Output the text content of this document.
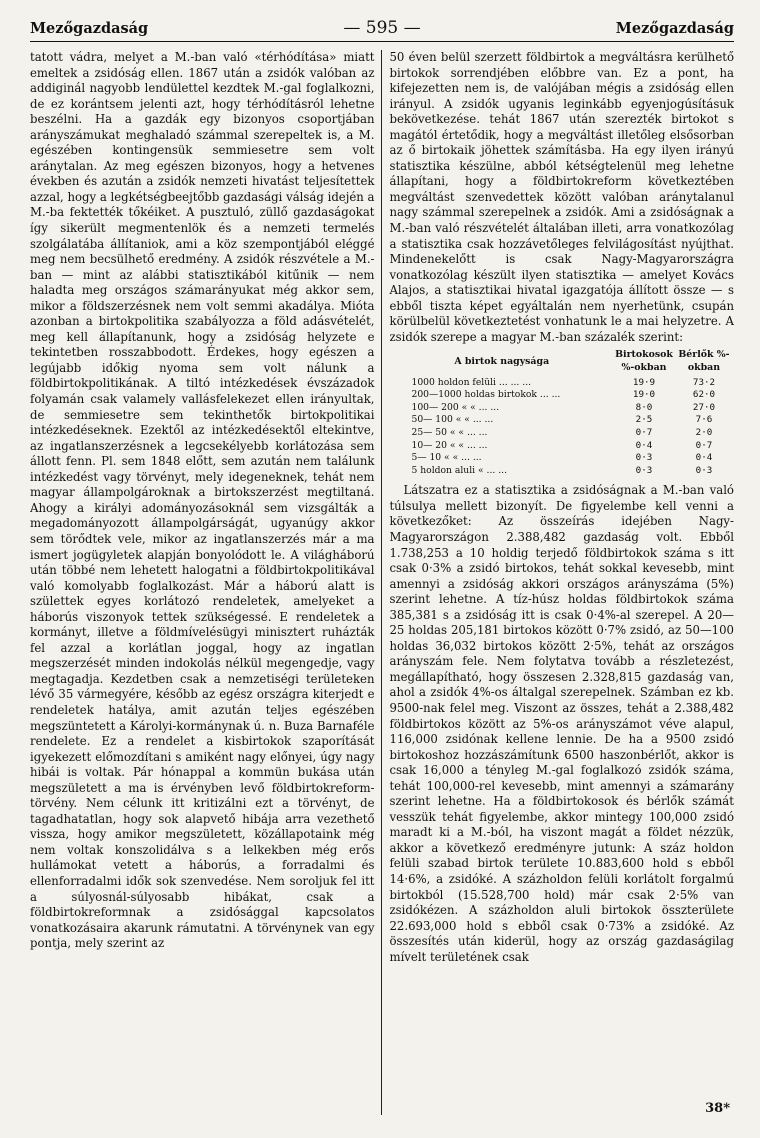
Mezőgazdaság	— 595 —	Mezőgazdaság

tatott vádra, melyet a M.-ban való «térhódítása» miatt emeltek a zsidóság ellen. 1867 után a zsidók valóban az addiginál nagyobb lendülettel kezdtek M.-gal foglalkozni, de ez korántsem jelenti azt, hogy térhódításról lehetne beszélni. Ha a gazdák egy bizonyos csoportjában arányszámukat meghaladó számmal szerepeltek is, a M. egészében kontingensük semmiesetre sem volt aránytalan. Az meg egészen bizonyos, hogy a hetvenes években és azután a zsidók nemzeti hivatást teljesítettek azzal, hogy a legkétségbeejtőbb gazdasági válság idején a M.-ba fektették tőkéiket. A pusztuló, züllő gazdaságokat így sikerült megmentenlök és a nemzeti termelés szolgálatába állítaniok, ami a köz szempontjából eléggé meg nem becsülhető eredmény. A zsidók részvétele a M.-ban — mint az alábbi statisztikából kitűnik — nem haladta meg országos számarányukat még akkor sem, mikor a földszerzésnek nem volt semmi akadálya. Mióta azonban a birtokpolitika szabályozza a föld adásvételét, meg kell állapítanunk, hogy a zsidóság helyzete e tekintetben rosszabbodott. Érdekes, hogy egészen a legújabb időkig nyoma sem volt nálunk a földbirtokpolitikának. A tiltó intézkedések évszázadok folyamán csak valamely vallásfelekezet ellen irányultak, de semmiesetre sem tekinthetők birtokpolitikai intézkedéseknek. Ezektől az intézkedésektől eltekintve, az ingatlanszerzésnek a legcsekélyebb korlátozása sem állott fenn. Pl. sem 1848 előtt, sem azután nem találunk intézkedést vagy törvényt, mely idegeneknek, tehát nem magyar állampolgároknak a birtokszerzést megtiltaná. Ahogy a királyi adományozásoknál sem vizsgálták a megadományozott állampolgárságát, ugyanúgy akkor sem törődtek vele, mikor az ingatlanszerzés már a ma ismert jogügyletek alapján bonyolódott le. A világháború után többé nem lehetett halogatni a földbirtokpolitikával való komolyabb foglalkozást. Már a háború alatt is születtek egyes korlátozó rendeletek, amelyeket a háborús viszonyok tettek szükségessé. E rendeletek a kormányt, illetve a földmívelésügyi minisztert ruházták fel azzal a korlátlan joggal, hogy az ingatlan megszerzését minden indokolás nélkül megengedje, vagy megtagadja. Kezdetben csak a nemzetiségi területeken lévő 35 vármegyére, később az egész országra kiterjedt e rendeletek hatálya, amit azután teljes egészében megszüntetett a Károlyi-kormánynak ú. n. Buza Barnaféle rendelete. Ez a rendelet a kisbirtokok szaporítását igyekezett előmozdítani s amiként nagy előnyei, úgy nagy hibái is voltak. Pár hónappal a kommün bukása után megszületett a ma is érvényben levő földbirtokreform-törvény. Nem célunk itt kritizálni ezt a törvényt, de tagadhatatlan, hogy sok alapvető hibája arra vezethető vissza, hogy amikor megszületett, közállapotaink még nem voltak konszolidálva s a lelkekben még erős hullámokat vetett a háborús, a forradalmi és ellenforradalmi idők sok szenvedése. Nem soroljuk fel itt a súlyosnál-súlyosabb hibákat, csak a földbirtokreformnak a zsidósággal kapcsolatos vonatkozásaira akarunk rámutatni. A törvénynek van egy pontja, mely szerint az

50 éven belül szerzett földbirtok a megváltásra kerülhető birtokok sorrendjében előbbre van. Ez a pont, ha kifejezetten nem is, de valójában mégis a zsidóság ellen irányul. A zsidók ugyanis leginkább egyenjogúsításuk bekövetkezése. tehát 1867 után szerezték birtokot s magától értetődik, hogy a megváltást illetőleg elsősorban az ő birtokaik jöhettek számításba. Ha egy ilyen irányú statisztika készülne, abból kétségtelenül meg lehetne állapítani, hogy a földbirtokreform következtében megváltást szenvedettek között valóban aránytalanul nagy számmal szerepelnek a zsidók. Ami a zsidóságnak a M.-ban való részvételét általában illeti, arra vonatkozólag a statisztika csak hozzávetőleges felvilágosítást nyújthat. Mindenekelőtt is csak Nagy-Magyarországra vonatkozólag készült ilyen statisztika — amelyet Kovács Alajos, a statisztikai hivatal igazgatója állított össze — s ebből tiszta képet egyáltalán nem nyerhetünk, csupán körülbelül következtetést vonhatunk le a mai helyzetre. A zsidók szerepe a magyar M.-ban százalék szerint:

A birtok nagysága	Birtokosok %-okban	Bérlők %-okban
1000 holdon felüli ... ... ...	19·9	73·2
200—1000 holdas birtokok ... ...	19·0	62·0
100— 200 « « ... ...	8·0	27·0
50— 100 « « ... ...	2·5	7·6
25— 50 « « ... ...	0·7	2·0
10— 20 « « ... ...	0·4	0·7
5— 10 « « ... ...	0·3	0·4
5 holdon aluli « ... ...	0·3	0·3

Látszatra ez a statisztika a zsidóságnak a M.-ban való túlsulya mellett bizonyít. De figyelembe kell venni a következőket: Az összeírás idejében Nagy-Magyarországon 2.388,482 gazdaság volt. Ebből 1.738,253 a 10 holdig terjedő földbirtokok száma s itt csak 0·3% a zsidó birtokos, tehát sokkal kevesebb, mint amennyi a zsidóság akkori országos arányszáma (5%) szerint lehetne. A tíz-húsz holdas földbirtokok száma 385,381 s a zsidóság itt is csak 0·4%-al szerepel. A 20—25 holdas 205,181 birtokos között 0·7% zsidó, az 50—100 holdas 36,032 birtokos között 2·5%, tehát az országos arányszám fele. Nem folytatva tovább a részletezést, megállapítható, hogy összesen 2.328,815 gazdaság van, ahol a zsidók 4%-os általgal szerepelnek. Számban ez kb. 9500-nak felel meg. Viszont az összes, tehát a 2.388,482 földbirtokos között az 5%-os arányszámot véve alapul, 116,000 zsidónak kellene lennie. De ha a 9500 zsidó birtokoshoz hozzászámítunk 6500 haszonbérlőt, akkor is csak 16,000 a tényleg M.-gal foglalkozó zsidók száma, tehát 100,000-rel kevesebb, mint amennyi a számarány szerint lehetne. Ha a földbirtokosok és bérlők számát vesszük tehát figyelembe, akkor mintegy 100,000 zsidó maradt ki a M.-ból, ha viszont magát a földet nézzük, akkor a következő eredményre jutunk: A száz holdon felüli szabad birtok területe 10.883,600 hold s ebből 14·6%, a zsidóké. A százholdon felüli korlátolt forgalmú birtokból (15.528,700 hold) már csak 2·5% van zsidókézen. A százholdon aluli birtokok összterülete 22.693,000 hold s ebből csak 0·73% a zsidóké. Az összesítés után kiderül, hogy az ország gazdaságilag mívelt területének csak

38*
